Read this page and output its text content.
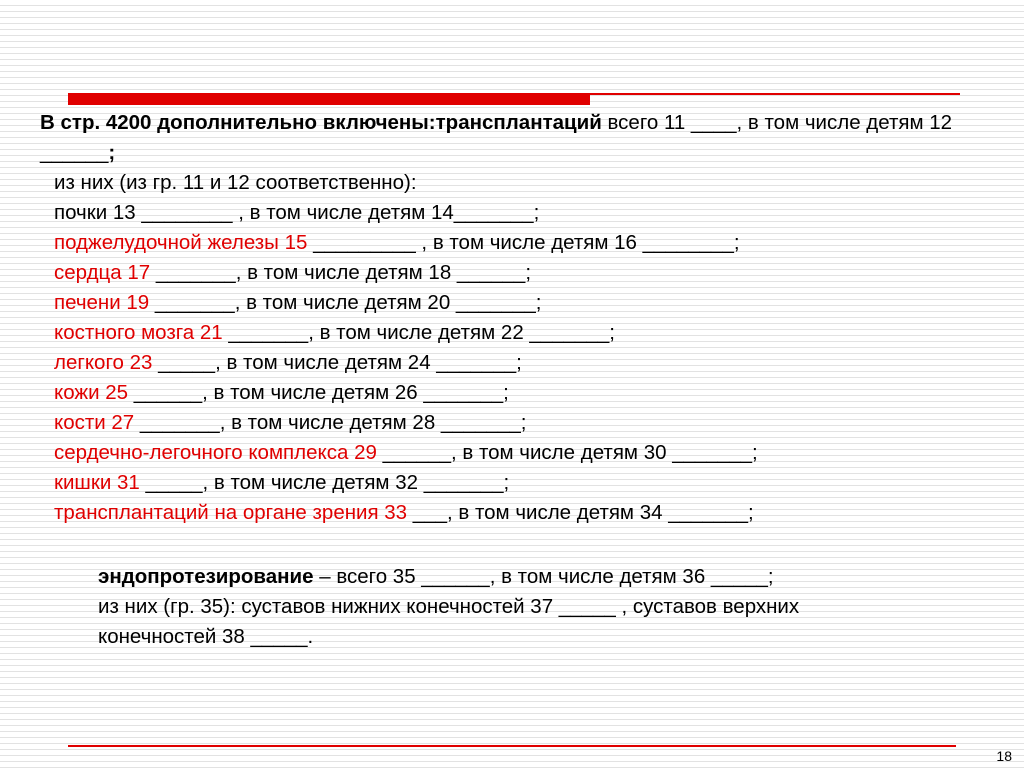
В стр. 4200 дополнительно включены:трансплантаций всего 11 ____, в том числе детям 12 ______;

из них (из гр. 11 и 12 соответственно):

почки 13 ________ , в том числе детям 14_______;

поджелудочной железы 15 _________ , в том числе детям 16 ________;

сердца 17 _______, в том числе детям 18 ______;

печени 19 _______, в том числе детям 20 _______;

костного мозга 21 _______, в том числе детям 22 _______;

легкого 23 _____, в том числе детям 24 _______;

кожи 25 ______, в том числе детям 26 _______;

кости 27 _______, в том числе детям 28 _______;

сердечно-легочного комплекса 29 ______, в том числе детям 30 _______;

кишки 31 _____, в том числе детям 32 _______;

трансплантаций на органе зрения 33 ___, в том числе детям 34 _______;

эндопротезирование – всего 35 ______, в том числе детям 36 _____;

из них (гр. 35): суставов нижних конечностей 37 _____ , суставов верхних конечностей 38 _____.

18
